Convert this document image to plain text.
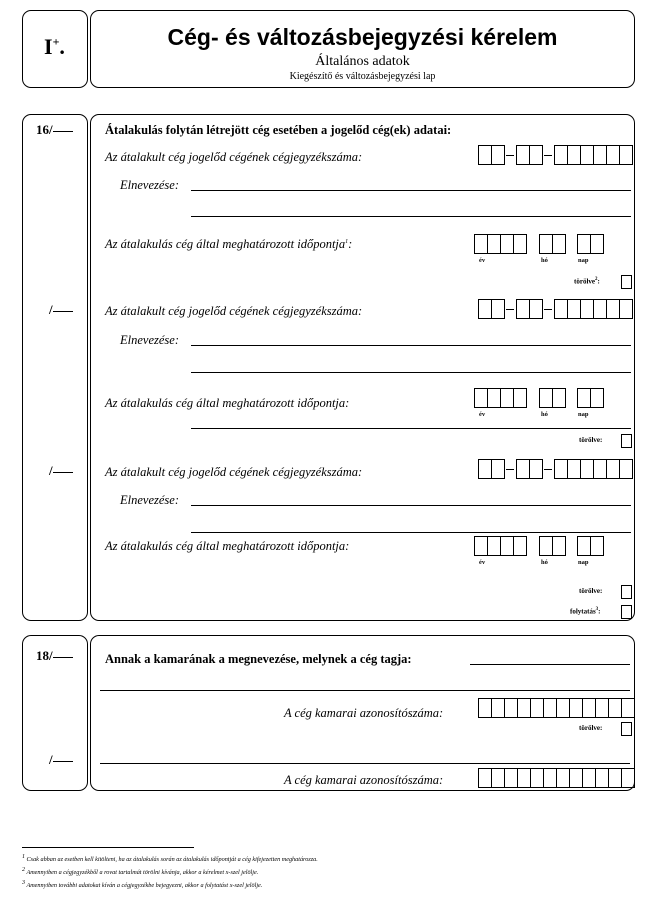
I+.	Cég- és változásbejegyzési kérelem
Általános adatok
Kiegészítő és változásbejegyzési lap
16/
/
/
Átalakulás folytán létrejött cég esetében a jogelőd cég(ek) adatai:
Az átalakult cég jogelőd cégének cégjegyzékszáma:
Elnevezése:
Az átalakulás cég által meghatározott időpontja$^1$:
év	hó	nap
törölve$^2$:
Az átalakult cég jogelőd cégének cégjegyzékszáma:
Elnevezése:
Az átalakulás cég által meghatározott időpontja:
év	hó	nap
törölve:
Az átalakult cég jogelőd cégének cégjegyzékszáma:
Elnevezése:
Az átalakulás cég által meghatározott időpontja:
év	hó	nap
törölve:
folytatás$^3$:
18/
/
Annak a kamarának a megnevezése, melynek a cég tagja:
A cég kamarai azonosítószáma:
törölve:
A cég kamarai azonosítószáma:
$^1$ Csak abban az esetben kell kitölteni, ha az átalakulás során az átalakulás időpontját a cég kifejezetten meghatározza.
$^2$ Amennyiben a cégjegyzékből a rovat tartalmát törölni kívánja, akkor a kérelmet x-szel jelölje.
$^3$ Amennyiben további adatokat kíván a cégjegyzékbe bejegyezni, akkor a folytatást x-szel jelölje.
